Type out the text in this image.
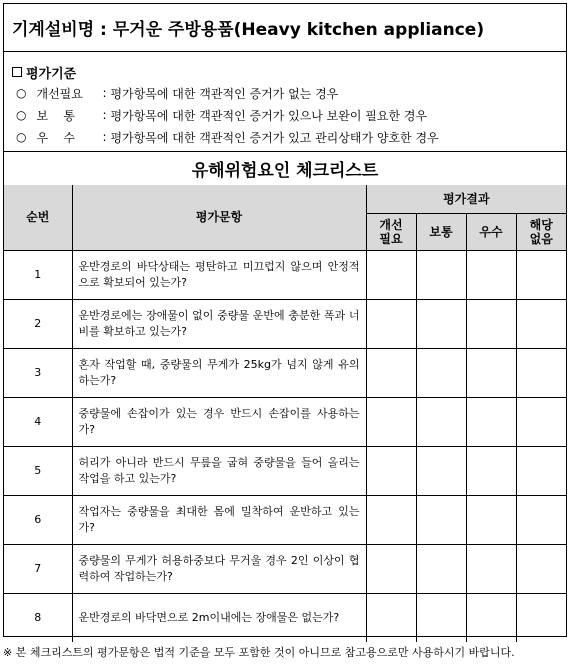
기계설비명 : 무거운 주방용품(Heavy kitchen appliance)
평가기준
○ 개선필요	: 평가항목에 대한 객관적인 증거가 없는 경우
○ 보    통	: 평가항목에 대한 객관적인 증거가 있으나 보완이 필요한 경우
○ 우    수	: 평가항목에 대한 객관적인 증거가 있고 관리상태가 양호한 경우
유해위험요인 체크리스트
순번	평가문항	평가결과			

		개선필요	보통	우수	해당없음

1	운반경로의 바닥상태는 평탄하고 미끄럽지 않으며 안정적으로 확보되어 있는가?				
2	운반경로에는 장애물이 없이 중량물 운반에 충분한 폭과 너비를 확보하고 있는가?				
3	혼자 작업할 때, 중량물의 무게가 25kg가 넘지 않게 유의하는가?				
4	중량물에 손잡이가 있는 경우 반드시 손잡이를 사용하는가?				
5	허리가 아니라 반드시 무릎을 굽혀 중량물을 들어 올리는 작업을 하고 있는가?				
6	작업자는 중량물을 최대한 몸에 밀착하여 운반하고 있는가?				
7	중량물의 무게가 허용하중보다 무거울 경우 2인 이상이 협력하여 작업하는가?				
8	운반경로의 바닥면으로 2m이내에는 장애물은 없는가?				
※ 본 체크리스트의 평가문항은 법적 기준을 모두 포함한 것이 아니므로 참고용으로만 사용하시기 바랍니다.
